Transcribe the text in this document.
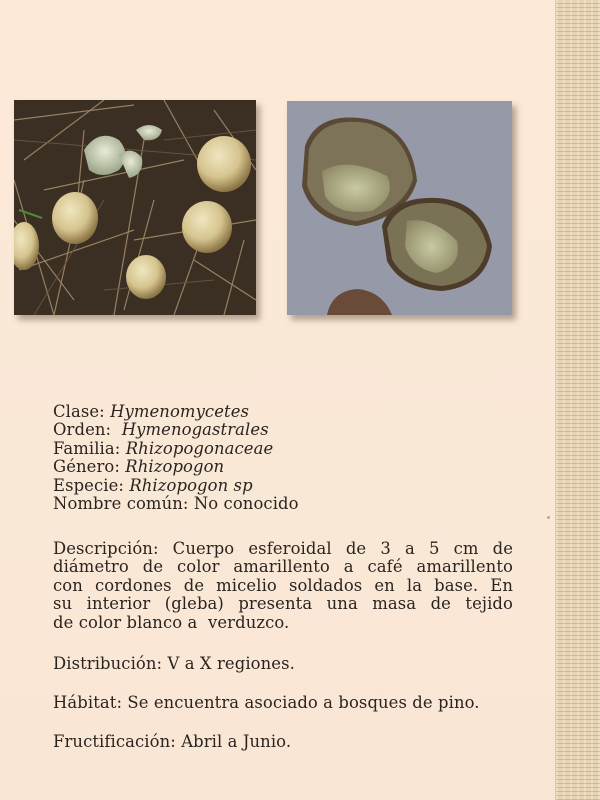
Clase: Hymenomycetes
Orden:  Hymenogastrales
Familia: Rhizopogonaceae
Género: Rhizopogon
Especie: Rhizopogon sp
Nombre común: No conocido
Descripción: Cuerpo esferoidal de 3 a 5 cm de
diámetro de color amarillento a café amarillento
con cordones de micelio soldados en la base. En
su interior (gleba) presenta una masa de tejido
de color blanco a  verduzco.
Distribución: V a X regiones.
Hábitat: Se encuentra asociado a bosques de pino.
Fructificación: Abril a Junio.
